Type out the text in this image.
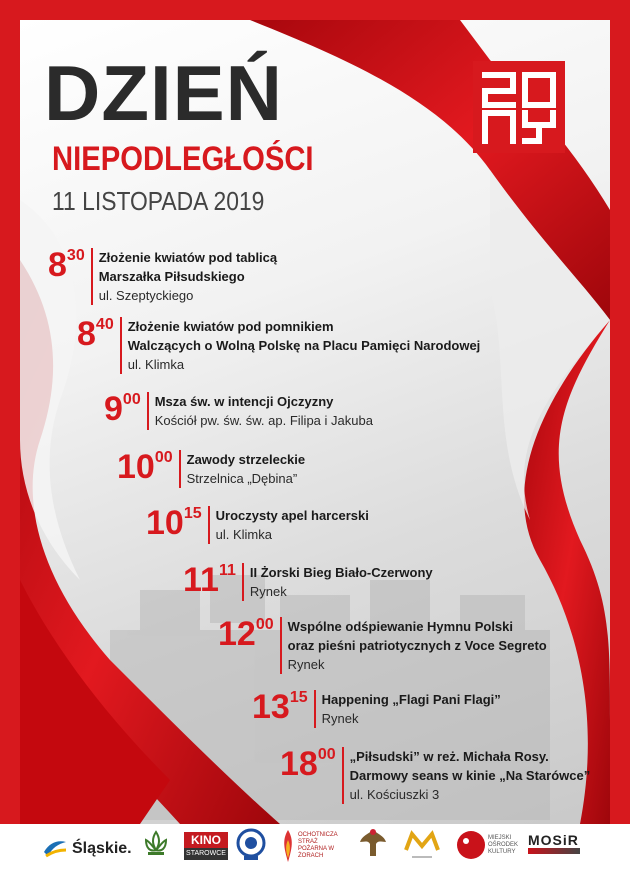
DZIEŃ
NIEPODLEGŁOŚCI
11 LISTOPADA 2019
$8^{30}$ Złożenie kwiatów pod tablicą
Marszałka Piłsudskiego
ul. Szeptyckiego
$8^{40}$ Złożenie kwiatów pod pomnikiem
Walczących o Wolną Polskę na Placu Pamięci Narodowej
ul. Klimka
$9^{00}$ Msza św. w intencji Ojczyzny
Kościół pw. św. św. ap. Filipa i Jakuba
$10^{00}$ Zawody strzeleckie
Strzelnica „Dębina”
$10^{15}$ Uroczysty apel harcerski
ul. Klimka
$11^{11}$ II Żorski Bieg Biało-Czerwony
Rynek
$12^{00}$ Wspólne odśpiewanie Hymnu Polski
oraz pieśni patriotycznych z Voce Segreto
Rynek
$13^{15}$ Happening „Flagi Pani Flagi”
Rynek
$18^{00}$ „Piłsudski” w reż. Michała Rosy.
Darmowy seans w kinie „Na Starówce”
ul. Kościuszki 3
Śląskie.	KINO
STAROWCE
OCHOTNICZA STRAŻ POŻARNA W ŻORACH
MIEJSKI OŚRODEK KULTURY
MOSiR
